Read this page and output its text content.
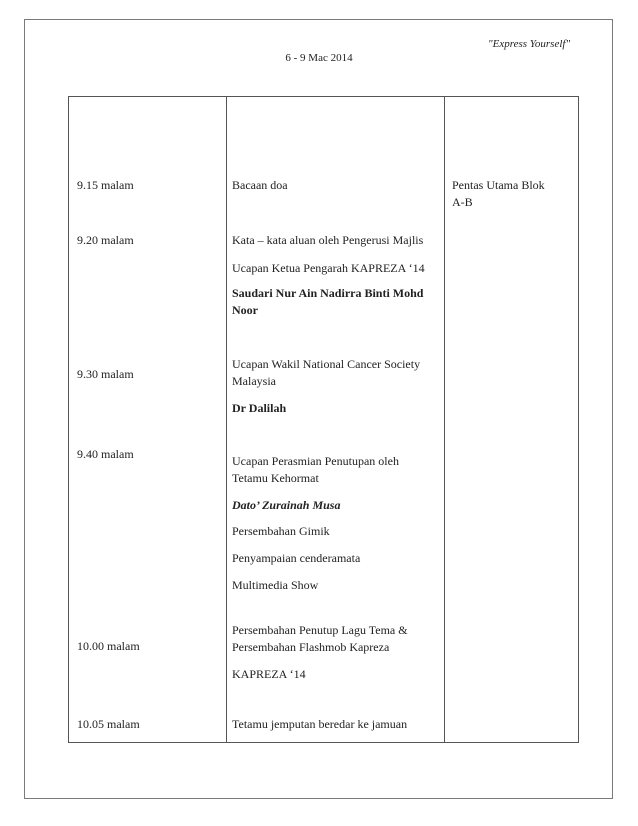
"Express Yourself"
6 - 9 Mac 2014
9.15 malam
9.20 malam
9.30 malam
9.40 malam
10.00 malam
10.05 malam
Bacaan doa
Kata – kata aluan oleh Pengerusi Majlis
Ucapan Ketua Pengarah KAPREZA ‘14
Saudari Nur Ain Nadirra Binti Mohd
Noor
Ucapan Wakil National Cancer Society
Malaysia
Dr Dalilah
Ucapan Perasmian Penutupan oleh
Tetamu Kehormat
Dato’ Zurainah Musa
Persembahan Gimik
Penyampaian cenderamata
Multimedia Show
Persembahan Penutup Lagu Tema &
Persembahan Flashmob Kapreza
KAPREZA ‘14
Tetamu jemputan beredar ke jamuan
Pentas Utama Blok
A-B
